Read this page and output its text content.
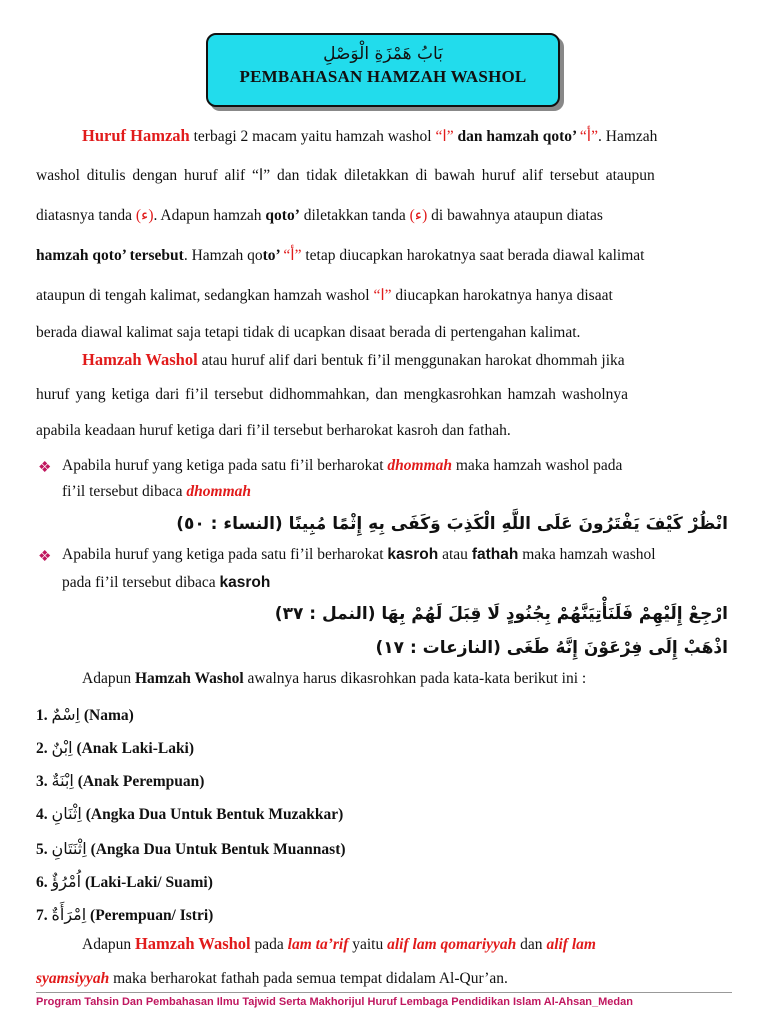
بَابُ هَمْزَةِ الْوَصْلِ
PEMBAHASAN HAMZAH WASHOL
Huruf Hamzah terbagi 2 macam yaitu hamzah washol “ا” dan hamzah qoto’ “أ”. Hamzah
washol ditulis dengan huruf alif “ا” dan tidak diletakkan di bawah huruf alif tersebut ataupun
diatasnya tanda (ء). Adapun hamzah qoto’ diletakkan tanda (ء) di bawahnya ataupun diatas
hamzah qoto’ tersebut. Hamzah qoto’ “أ” tetap diucapkan harokatnya saat berada diawal kalimat
ataupun di tengah kalimat, sedangkan hamzah washol “ا” diucapkan harokatnya hanya disaat
berada diawal kalimat saja tetapi tidak di ucapkan disaat berada di pertengahan kalimat.
Hamzah Washol atau huruf alif dari bentuk fi’il menggunakan harokat dhommah jika
huruf yang ketiga dari fi’il tersebut didhommahkan, dan mengkasrohkan hamzah washolnya
apabila keadaan huruf ketiga dari fi’il tersebut berharokat kasroh dan fathah.
❖ Apabila huruf yang ketiga pada satu fi’il berharokat dhommah maka hamzah washol pada
fi’il tersebut dibaca dhommah
انْظُرْ كَيْفَ يَفْتَرُونَ عَلَى اللَّهِ الْكَذِبَ وَكَفَى بِهِ إِثْمًا مُبِينًا (النساء : ٥٠)
❖ Apabila huruf yang ketiga pada satu fi’il berharokat kasroh atau fathah maka hamzah washol
pada fi’il tersebut dibaca kasroh
ارْجِعْ إِلَيْهِمْ فَلَنَأْتِيَنَّهُمْ بِجُنُودٍ لَا قِبَلَ لَهُمْ بِهَا (النمل : ٣٧)
اذْهَبْ إِلَى فِرْعَوْنَ إِنَّهُ طَغَى (النازعات : ١٧)
Adapun Hamzah Washol awalnya harus dikasrohkan pada kata-kata berikut ini :
1. اِسْمٌ (Nama)
2. اِبْنٌ (Anak Laki-Laki)
3. اِبْنَةٌ (Anak Perempuan)
4. اِثْنَانِ (Angka Dua Untuk Bentuk Muzakkar)
5. اِثْنَتَانِ (Angka Dua Untuk Bentuk Muannast)
6. اُمْرُؤٌ (Laki-Laki/ Suami)
7. اِمْرَأَةٌ (Perempuan/ Istri)
Adapun Hamzah Washol pada lam ta’rif yaitu alif lam qomariyyah dan alif lam
syamsiyyah maka berharokat fathah pada semua tempat didalam Al-Qur’an.
Program Tahsin Dan Pembahasan Ilmu Tajwid Serta Makhorijul Huruf Lembaga Pendidikan Islam Al-Ahsan_Medan
